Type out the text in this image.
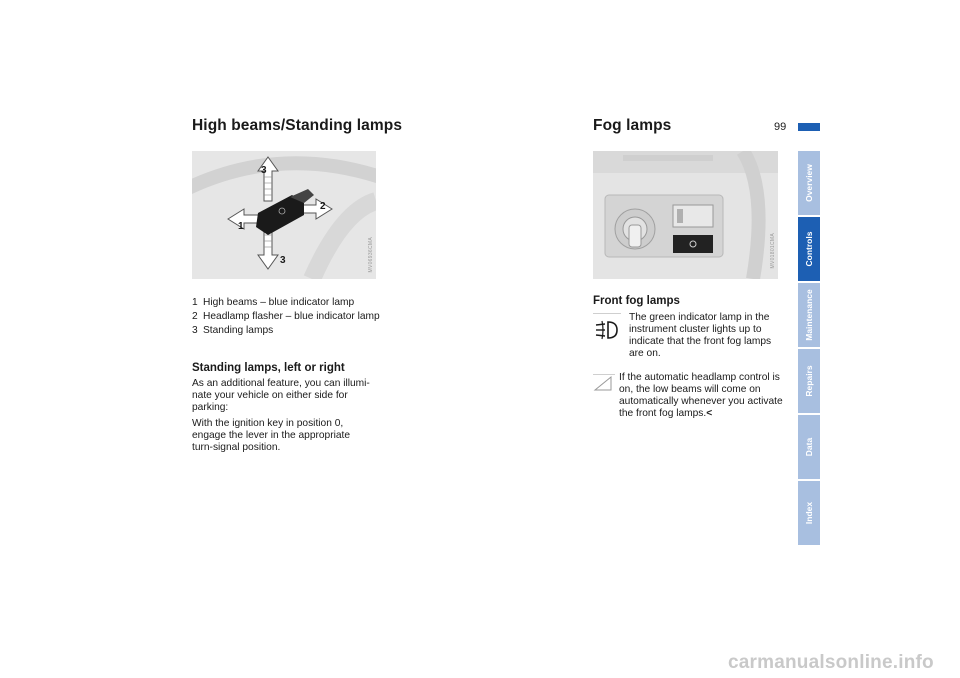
High beams/Standing lamps
3
2
1
3	MV06936CMA
1 High beams – blue indicator lamp
2 Headlamp flasher – blue indicator lamp
3 Standing lamps
Standing lamps, left or right
As an additional feature, you can illumi-nate your vehicle on either side for parking:
With the ignition key in position 0, engage the lever in the appropriate turn-signal position.
Fog lamps	99
MV01801CMA
Front fog lamps
The green indicator lamp in the instrument cluster lights up to indicate that the front fog lamps are on.
If the automatic headlamp control is on, the low beams will come on automatically whenever you activate the front fog lamps.<
Overview
Controls
Maintenance
Repairs
Data
Index
carmanualsonline.info
